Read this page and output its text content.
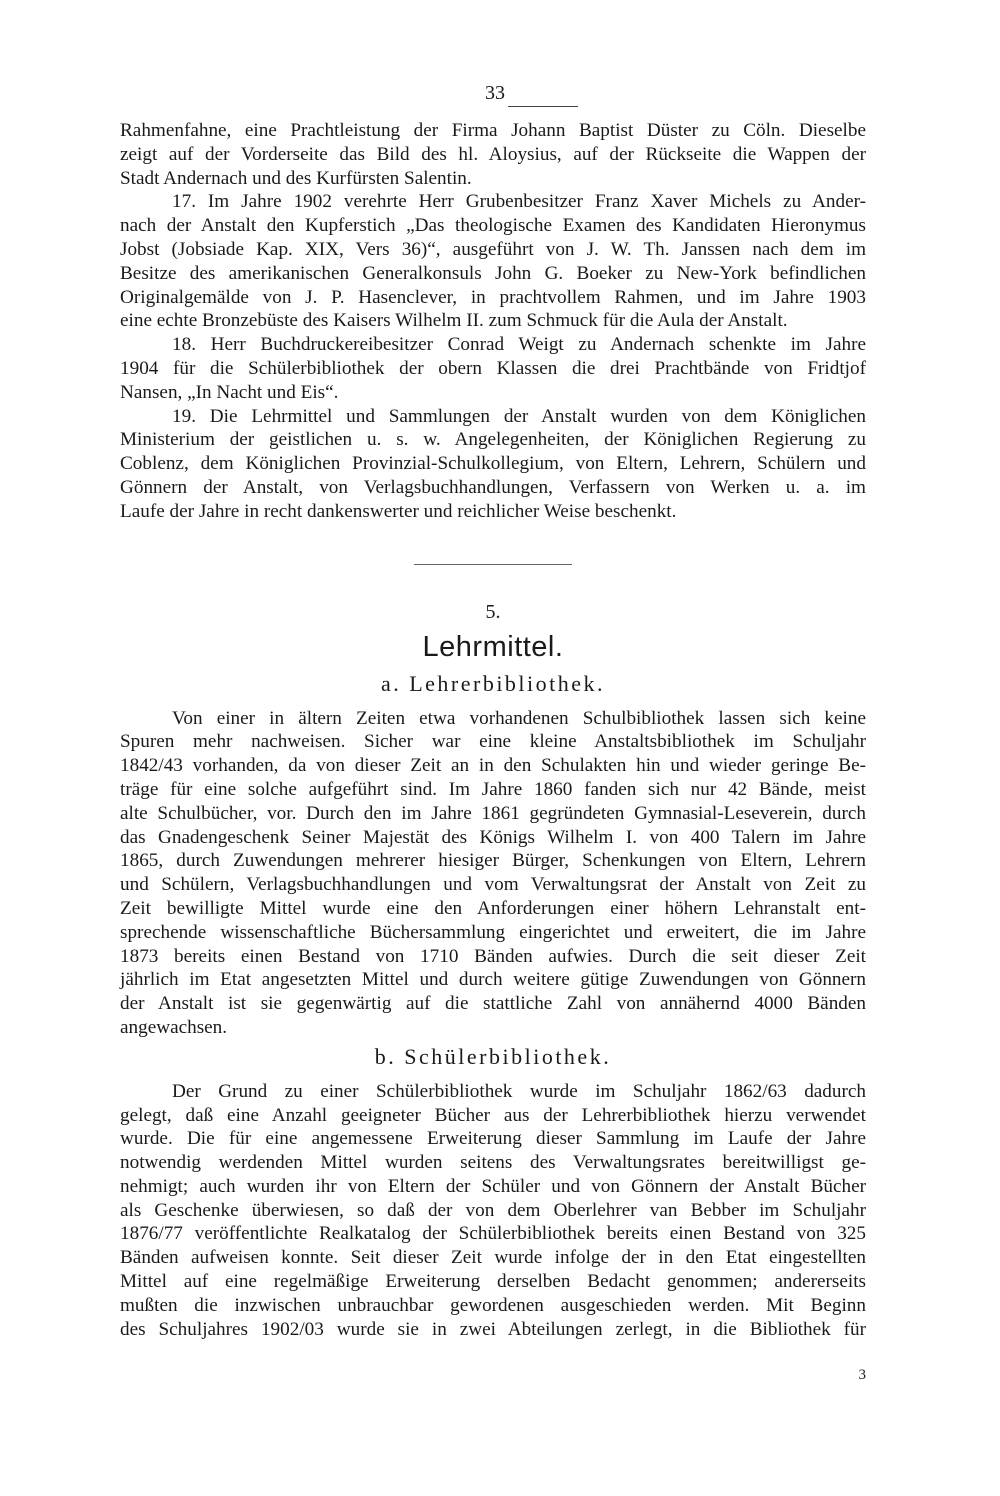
33

Rahmenfahne, eine Prachtleistung der Firma Johann Baptist Düster zu Cöln. Dieselbe
zeigt auf der Vorderseite das Bild des hl. Aloysius, auf der Rückseite die Wappen der
Stadt Andernach und des Kurfürsten Salentin.

17. Im Jahre 1902 verehrte Herr Grubenbesitzer Franz Xaver Michels zu Ander-
nach der Anstalt den Kupferstich „Das theologische Examen des Kandidaten Hieronymus
Jobst (Jobsiade Kap. XIX, Vers 36)“, ausgeführt von J. W. Th. Janssen nach dem im
Besitze des amerikanischen Generalkonsuls John G. Boeker zu New-York befindlichen
Originalgemälde von J. P. Hasenclever, in prachtvollem Rahmen, und im Jahre 1903
eine echte Bronzebüste des Kaisers Wilhelm II. zum Schmuck für die Aula der Anstalt.

18. Herr Buchdruckereibesitzer Conrad Weigt zu Andernach schenkte im Jahre
1904 für die Schülerbibliothek der obern Klassen die drei Prachtbände von Fridtjof
Nansen, „In Nacht und Eis“.

19. Die Lehrmittel und Sammlungen der Anstalt wurden von dem Königlichen
Ministerium der geistlichen u. s. w. Angelegenheiten, der Königlichen Regierung zu
Coblenz, dem Königlichen Provinzial-Schulkollegium, von Eltern, Lehrern, Schülern und
Gönnern der Anstalt, von Verlagsbuchhandlungen, Verfassern von Werken u. a. im
Laufe der Jahre in recht dankenswerter und reichlicher Weise beschenkt.

5.
Lehrmittel.
a. Lehrerbibliothek.

Von einer in ältern Zeiten etwa vorhandenen Schulbibliothek lassen sich keine
Spuren mehr nachweisen. Sicher war eine kleine Anstaltsbibliothek im Schuljahr
1842/43 vorhanden, da von dieser Zeit an in den Schulakten hin und wieder geringe Be-
träge für eine solche aufgeführt sind. Im Jahre 1860 fanden sich nur 42 Bände, meist
alte Schulbücher, vor. Durch den im Jahre 1861 gegründeten Gymnasial-Leseverein, durch
das Gnadengeschenk Seiner Majestät des Königs Wilhelm I. von 400 Talern im Jahre
1865, durch Zuwendungen mehrerer hiesiger Bürger, Schenkungen von Eltern, Lehrern
und Schülern, Verlagsbuchhandlungen und vom Verwaltungsrat der Anstalt von Zeit zu
Zeit bewilligte Mittel wurde eine den Anforderungen einer höhern Lehranstalt ent-
sprechende wissenschaftliche Büchersammlung eingerichtet und erweitert, die im Jahre
1873 bereits einen Bestand von 1710 Bänden aufwies. Durch die seit dieser Zeit
jährlich im Etat angesetzten Mittel und durch weitere gütige Zuwendungen von Gönnern
der Anstalt ist sie gegenwärtig auf die stattliche Zahl von annähernd 4000 Bänden
angewachsen.

b. Schülerbibliothek.

Der Grund zu einer Schülerbibliothek wurde im Schuljahr 1862/63 dadurch
gelegt, daß eine Anzahl geeigneter Bücher aus der Lehrerbibliothek hierzu verwendet
wurde. Die für eine angemessene Erweiterung dieser Sammlung im Laufe der Jahre
notwendig werdenden Mittel wurden seitens des Verwaltungsrates bereitwilligst ge-
nehmigt; auch wurden ihr von Eltern der Schüler und von Gönnern der Anstalt Bücher
als Geschenke überwiesen, so daß der von dem Oberlehrer van Bebber im Schuljahr
1876/77 veröffentlichte Realkatalog der Schülerbibliothek bereits einen Bestand von 325
Bänden aufweisen konnte. Seit dieser Zeit wurde infolge der in den Etat eingestellten
Mittel auf eine regelmäßige Erweiterung derselben Bedacht genommen; andererseits
mußten die inzwischen unbrauchbar gewordenen ausgeschieden werden. Mit Beginn
des Schuljahres 1902/03 wurde sie in zwei Abteilungen zerlegt, in die Bibliothek für

3
